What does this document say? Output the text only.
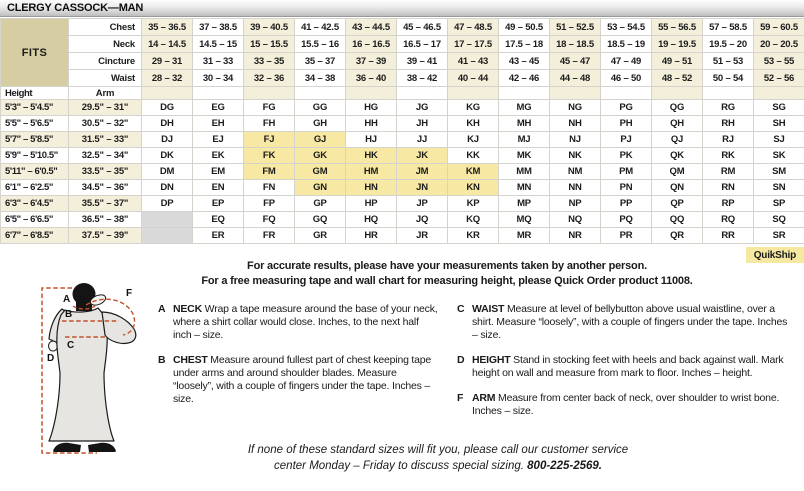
CLERGY CASSOCK—MAN
FITS	Chest	35 – 36.5	37 – 38.5	39 – 40.5	41 – 42.5	43 – 44.5	45 – 46.5	47 – 48.5	49 – 50.5	51 – 52.5	53 – 54.5	55 – 56.5	57 – 58.5	59 – 60.5
	Neck	14 – 14.5	14.5 – 15	15 – 15.5	15.5 – 16	16 – 16.5	16.5 – 17	17 – 17.5	17.5 – 18	18 – 18.5	18.5 – 19	19 – 19.5	19.5 – 20	20 – 20.5
	Cincture	29 – 31	31 – 33	33 – 35	35 – 37	37 – 39	39 – 41	41 – 43	43 – 45	45 – 47	47 – 49	49 – 51	51 – 53	53 – 55
	Waist	28 – 32	30 – 34	32 – 36	34 – 38	36 – 40	38 – 42	40 – 44	42 – 46	44 – 48	46 – 50	48 – 52	50 – 54	52 – 56
Height	Arm													
5'3" – 5'4.5"	29.5" – 31"	DG	EG	FG	GG	HG	JG	KG	MG	NG	PG	QG	RG	SG
5'5" – 5'6.5"	30.5" – 32"	DH	EH	FH	GH	HH	JH	KH	MH	NH	PH	QH	RH	SH
5'7" – 5'8.5"	31.5" – 33"	DJ	EJ	FJ	GJ	HJ	JJ	KJ	MJ	NJ	PJ	QJ	RJ	SJ
5'9" – 5'10.5"	32.5" – 34"	DK	EK	FK	GK	HK	JK	KK	MK	NK	PK	QK	RK	SK
5'11" – 6'0.5"	33.5" – 35"	DM	EM	FM	GM	HM	JM	KM	MM	NM	PM	QM	RM	SM
6'1" – 6'2.5"	34.5" – 36"	DN	EN	FN	GN	HN	JN	KN	MN	NN	PN	QN	RN	SN
6'3" – 6'4.5"	35.5" – 37"	DP	EP	FP	GP	HP	JP	KP	MP	NP	PP	QP	RP	SP
6'5" – 6'6.5"	36.5" – 38"		EQ	FQ	GQ	HQ	JQ	KQ	MQ	NQ	PQ	QQ	RQ	SQ
6'7" – 6'8.5"	37.5" – 39"		ER	FR	GR	HR	JR	KR	MR	NR	PR	QR	RR	SR
QuikShip
For accurate results, please have your measurements taken by another person.
For a free measuring tape and wall chart for measuring height, please Quick Order product 11008.
A
B
C
D
F
A NECK Wrap a tape measure around the base of your neck, where a shirt collar would close. Inches, to the next half inch – size.
B CHEST Measure around fullest part of chest keeping tape under arms and around shoulder blades. Measure “loosely”, with a couple of fingers under the tape. Inches – size.
C WAIST Measure at level of bellybutton above usual waistline, over a shirt. Measure “loosely”, with a couple of fingers under the tape. Inches – size.
D HEIGHT Stand in stocking feet with heels and back against wall. Mark height on wall and measure from mark to floor. Inches – height.
F ARM Measure from center back of neck, over shoulder to wrist bone. Inches – size.
If none of these standard sizes will fit you, please call our customer service
center Monday – Friday to discuss special sizing. 800-225-2569.
